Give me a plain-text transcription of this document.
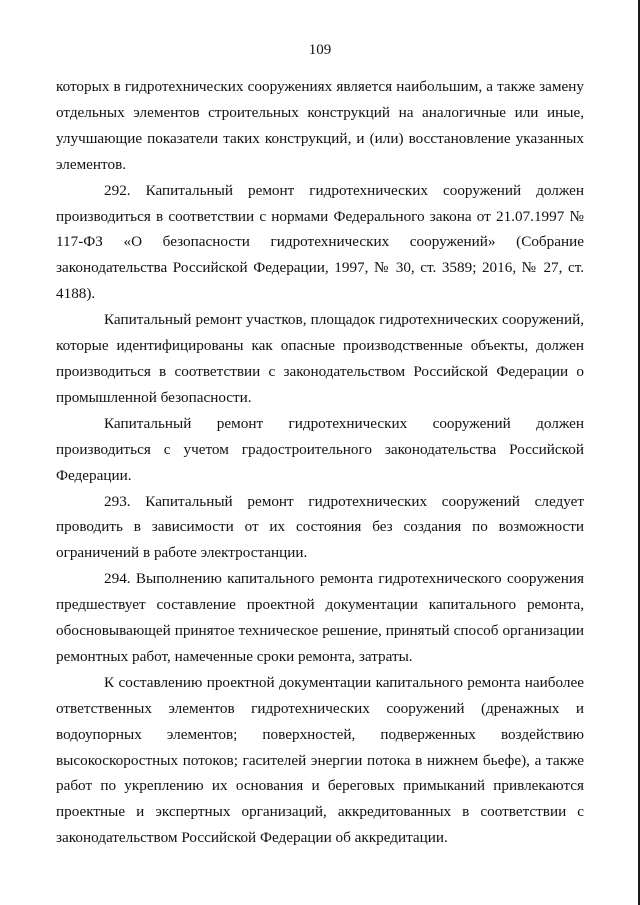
109

которых в гидротехнических сооружениях является наибольшим, а также замену отдельных элементов строительных конструкций на аналогичные или иные, улучшающие показатели таких конструкций, и (или) восстановление указанных элементов.

292. Капитальный ремонт гидротехнических сооружений должен производиться в соответствии с нормами Федерального закона от 21.07.1997 № 117-ФЗ «О безопасности гидротехнических сооружений» (Собрание законодательства Российской Федерации, 1997, № 30, ст. 3589; 2016, № 27, ст. 4188).

Капитальный ремонт участков, площадок гидротехнических сооружений, которые идентифицированы как опасные производственные объекты, должен производиться в соответствии с законодательством Российской Федерации о промышленной безопасности.

Капитальный ремонт гидротехнических сооружений должен производиться с учетом градостроительного законодательства Российской Федерации.

293. Капитальный ремонт гидротехнических сооружений следует проводить в зависимости от их состояния без создания по возможности ограничений в работе электростанции.

294. Выполнению капитального ремонта гидротехнического сооружения предшествует составление проектной документации капитального ремонта, обосновывающей принятое техническое решение, принятый способ организации ремонтных работ, намеченные сроки ремонта, затраты.

К составлению проектной документации капитального ремонта наиболее ответственных элементов гидротехнических сооружений (дренажных и водоупорных элементов; поверхностей, подверженных воздействию высокоскоростных потоков; гасителей энергии потока в нижнем бьефе), а также работ по укреплению их основания и береговых примыканий привлекаются проектные и экспертных организаций, аккредитованных в соответствии с законодательством Российской Федерации об аккредитации.
